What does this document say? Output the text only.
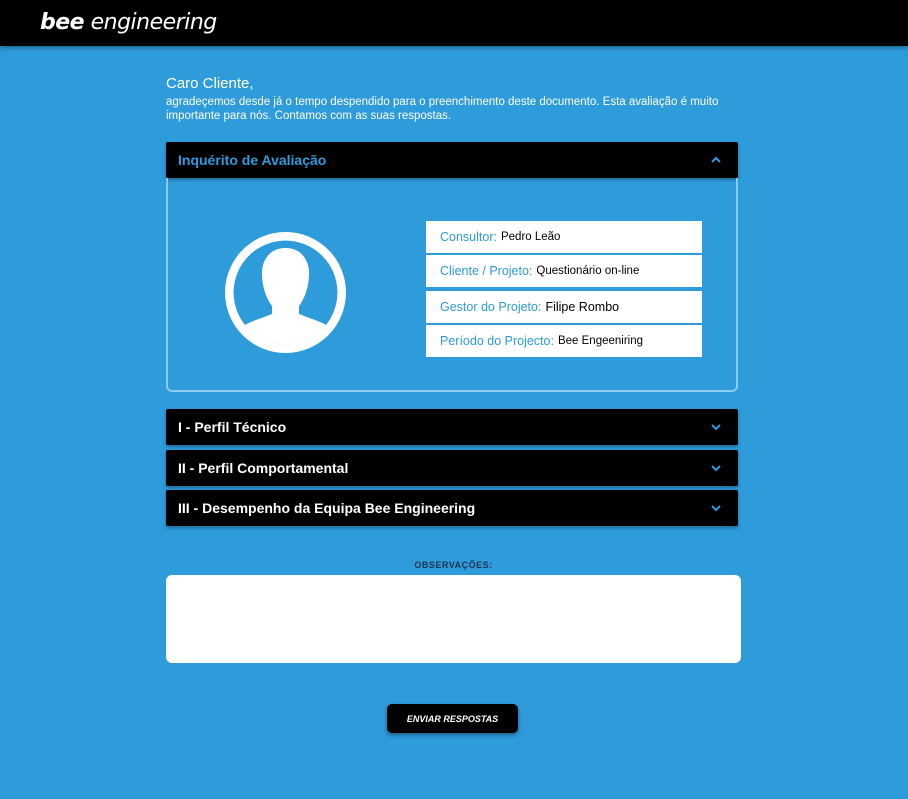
bee engineering
Caro Cliente,
agradeçemos desde já o tempo despendido para o preenchimento deste documento. Esta avaliação é muito importante para nós. Contamos com as suas respostas.
Inquérito de Avaliação
Consultor: Pedro Leão
Cliente / Projeto: Questionário on-line
Gestor do Projeto: Filipe Rombo
Período do Projecto: Bee Engeeniring
I - Perfil Técnico
II - Perfil Comportamental
III - Desempenho da Equipa Bee Engineering
OBSERVAÇÕES:
ENVIAR RESPOSTAS
